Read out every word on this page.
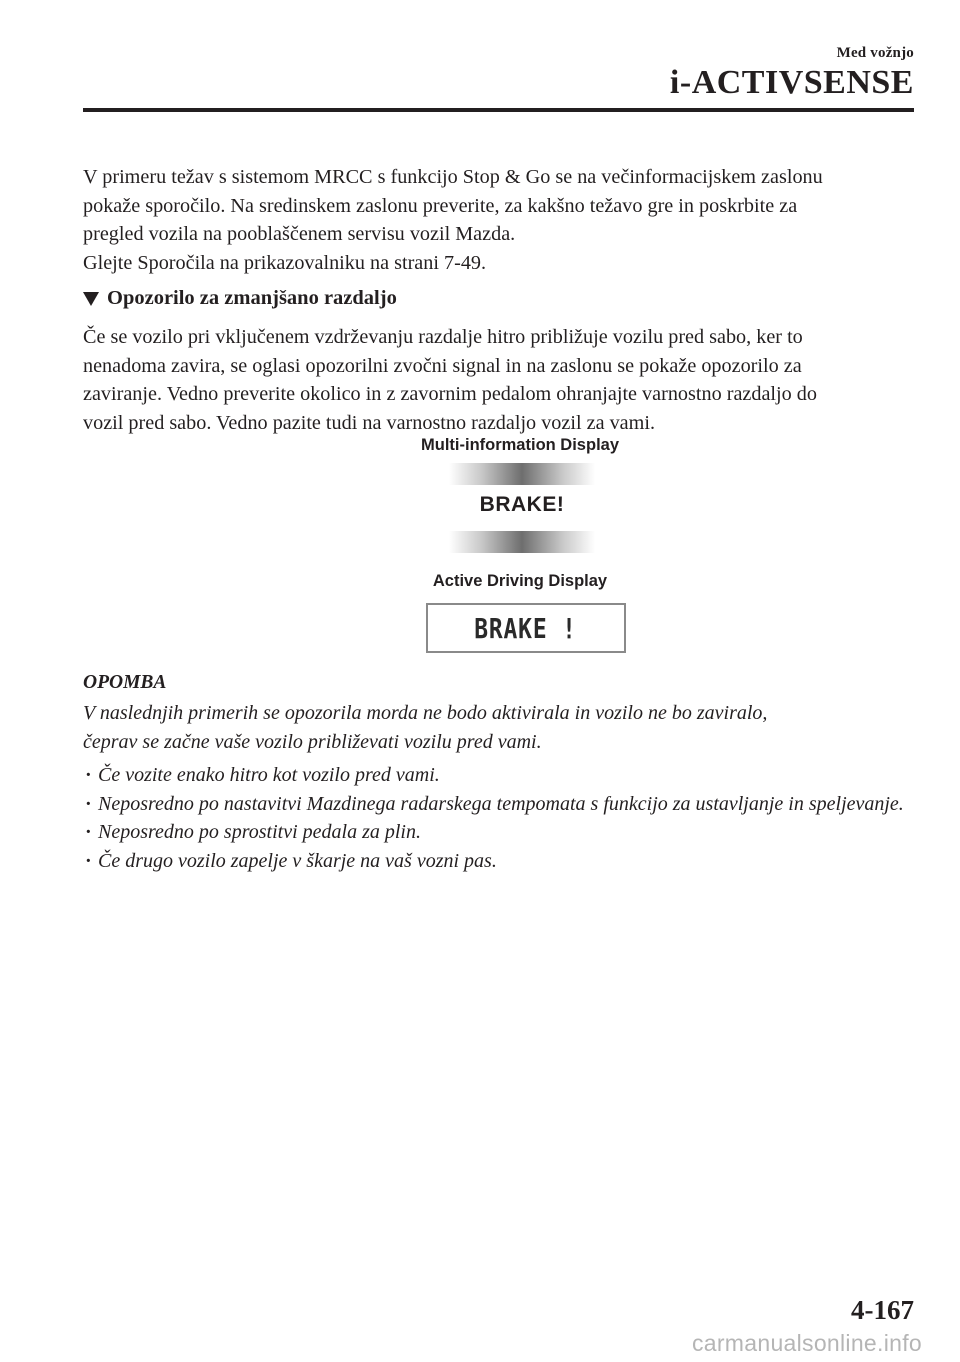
Med vožnjo
i-ACTIVSENSE
V primeru težav s sistemom MRCC s funkcijo Stop & Go se na večinformacijskem zaslonu
pokaže sporočilo. Na sredinskem zaslonu preverite, za kakšno težavo gre in poskrbite za
pregled vozila na pooblaščenem servisu vozil Mazda.
Glejte Sporočila na prikazovalniku na strani 7-49.
Opozorilo za zmanjšano razdaljo
Če se vozilo pri vključenem vzdrževanju razdalje hitro približuje vozilu pred sabo, ker to
nenadoma zavira, se oglasi opozorilni zvočni signal in na zaslonu se pokaže opozorilo za
zaviranje. Vedno preverite okolico in z zavornim pedalom ohranjajte varnostno razdaljo do
vozil pred sabo. Vedno pazite tudi na varnostno razdaljo vozil za vami.
Multi-information Display
BRAKE!
Active Driving Display
BRAKE !
OPOMBA
V naslednjih primerih se opozorila morda ne bodo aktivirala in vozilo ne bo zaviralo,
čeprav se začne vaše vozilo približevati vozilu pred vami.
· Če vozite enako hitro kot vozilo pred vami.
· Neposredno po nastavitvi Mazdinega radarskega tempomata s funkcijo za ustavljanje in speljevanje.
· Neposredno po sprostitvi pedala za plin.
· Če drugo vozilo zapelje v škarje na vaš vozni pas.
4-167
carmanualsonline.info
